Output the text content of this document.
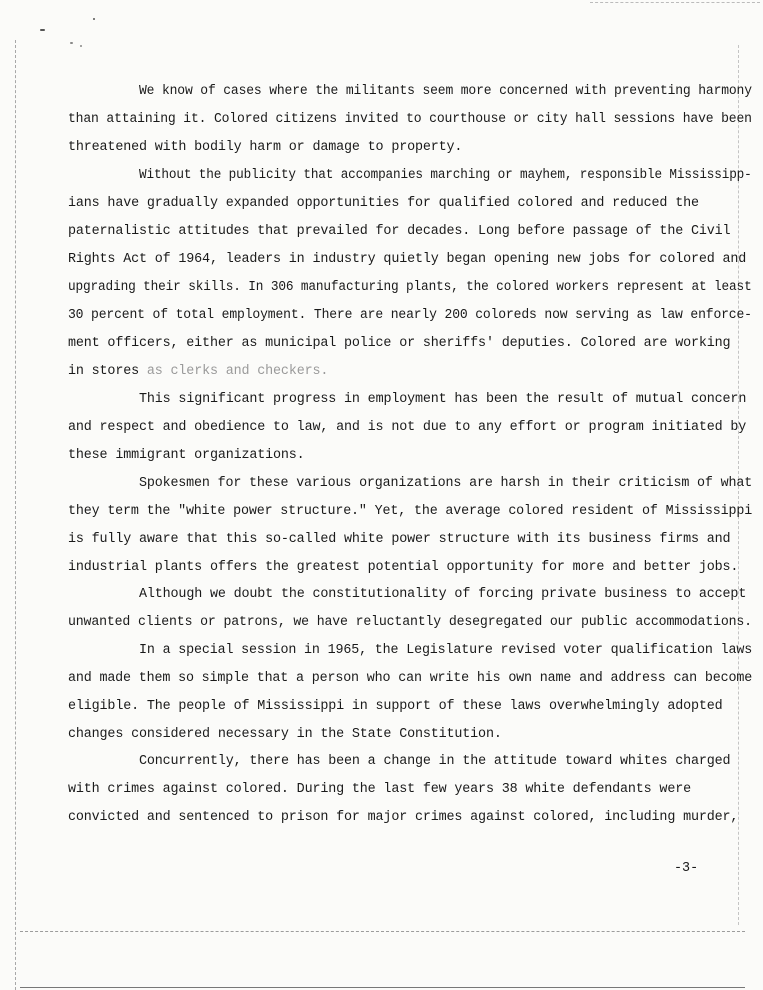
We know of cases where the militants seem more concerned with preventing harmony
than attaining it. Colored citizens invited to courthouse or city hall sessions have been
threatened with bodily harm or damage to property.
Without the publicity that accompanies marching or mayhem, responsible Mississipp-
ians have gradually expanded opportunities for qualified colored and reduced the
paternalistic attitudes that prevailed for decades. Long before passage of the Civil
Rights Act of 1964, leaders in industry quietly began opening new jobs for colored and
upgrading their skills. In 306 manufacturing plants, the colored workers represent at least
30 percent of total employment. There are nearly 200 coloreds now serving as law enforce-
ment officers, either as municipal police or sheriffs' deputies. Colored are working
in stores as clerks and checkers.
This significant progress in employment has been the result of mutual concern
and respect and obedience to law, and is not due to any effort or program initiated by
these immigrant organizations.
Spokesmen for these various organizations are harsh in their criticism of what
they term the "white power structure." Yet, the average colored resident of Mississippi
is fully aware that this so-called white power structure with its business firms and
industrial plants offers the greatest potential opportunity for more and better jobs.
Although we doubt the constitutionality of forcing private business to accept
unwanted clients or patrons, we have reluctantly desegregated our public accommodations.
In a special session in 1965, the Legislature revised voter qualification laws
and made them so simple that a person who can write his own name and address can become
eligible. The people of Mississippi in support of these laws overwhelmingly adopted
changes considered necessary in the State Constitution.
Concurrently, there has been a change in the attitude toward whites charged
with crimes against colored. During the last few years 38 white defendants were
convicted and sentenced to prison for major crimes against colored, including murder,
-3-
